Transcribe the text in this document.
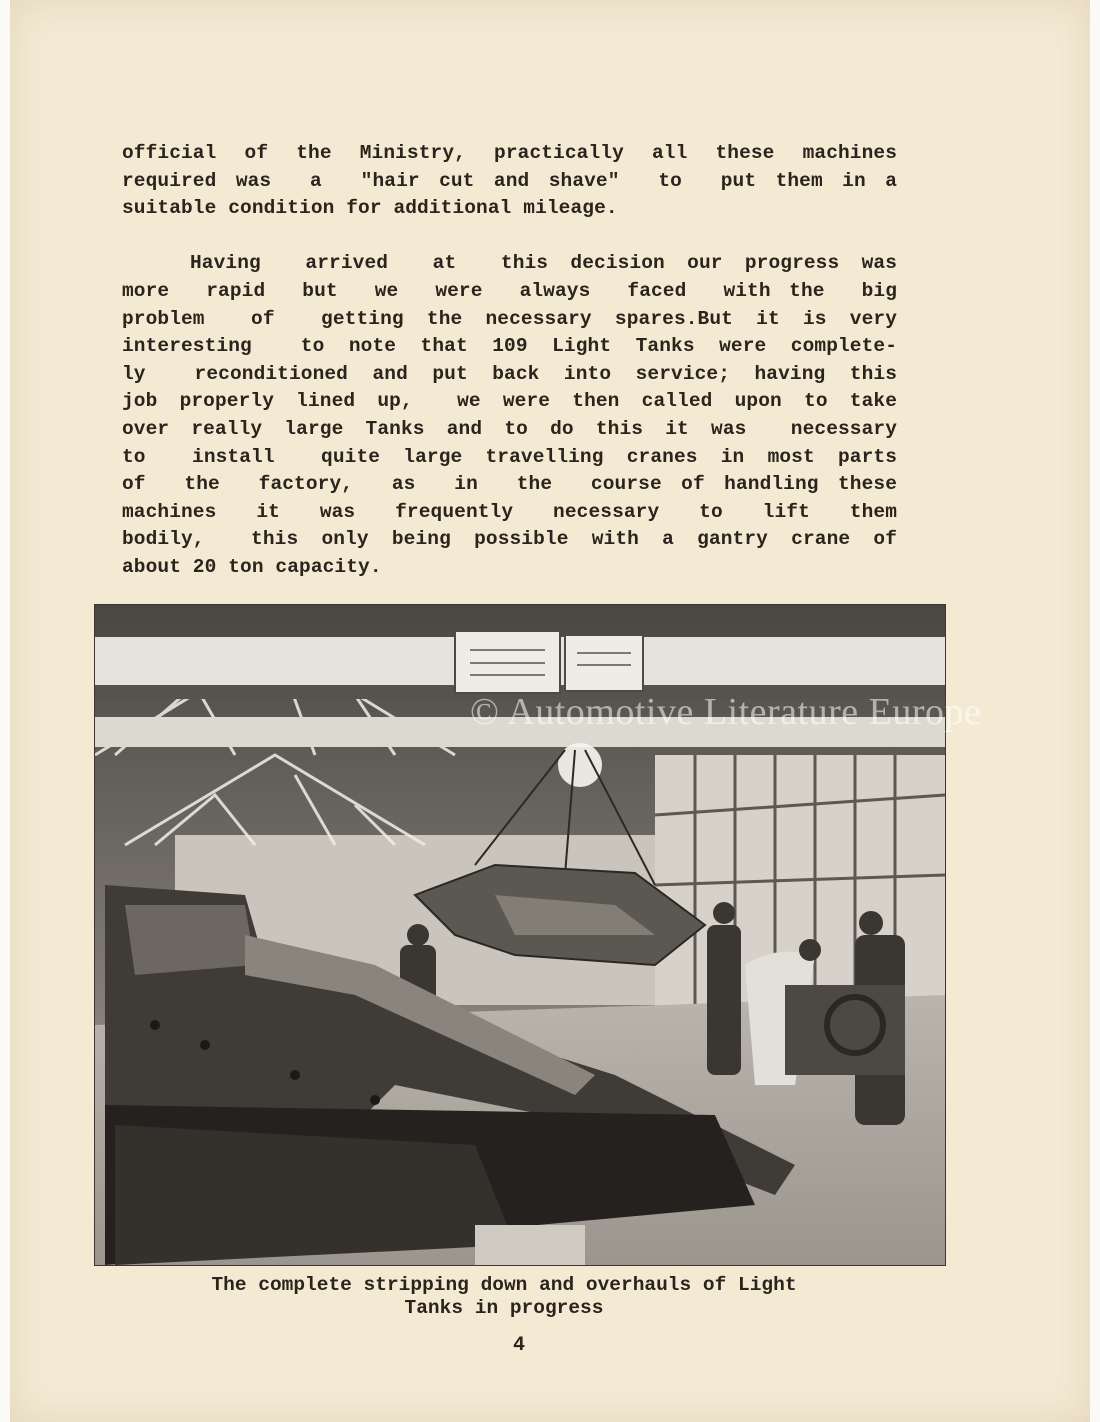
official of the Ministry, practically all these machines
required was  a  "hair cut and shave"  to  put them in a
suitable condition for additional mileage.
Having  arrived  at  this decision our progress was
more  rapid  but  we  were  always  faced  with the  big
problem  of  getting the necessary spares.But it is very
interesting  to note that 109 Light Tanks were complete-
ly  reconditioned and put back into service; having this
job properly lined up,  we were then called upon to take
over really large Tanks and to do this it was  necessary
to  install  quite large travelling cranes in most parts
of  the  factory,  as  in  the  course of handling these
machines  it  was  frequently  necessary  to  lift  them
bodily,  this only being possible with a gantry crane of
about 20 ton capacity.
The complete stripping down and overhauls of Light
Tanks in progress
4
© Automotive Literature Europe
